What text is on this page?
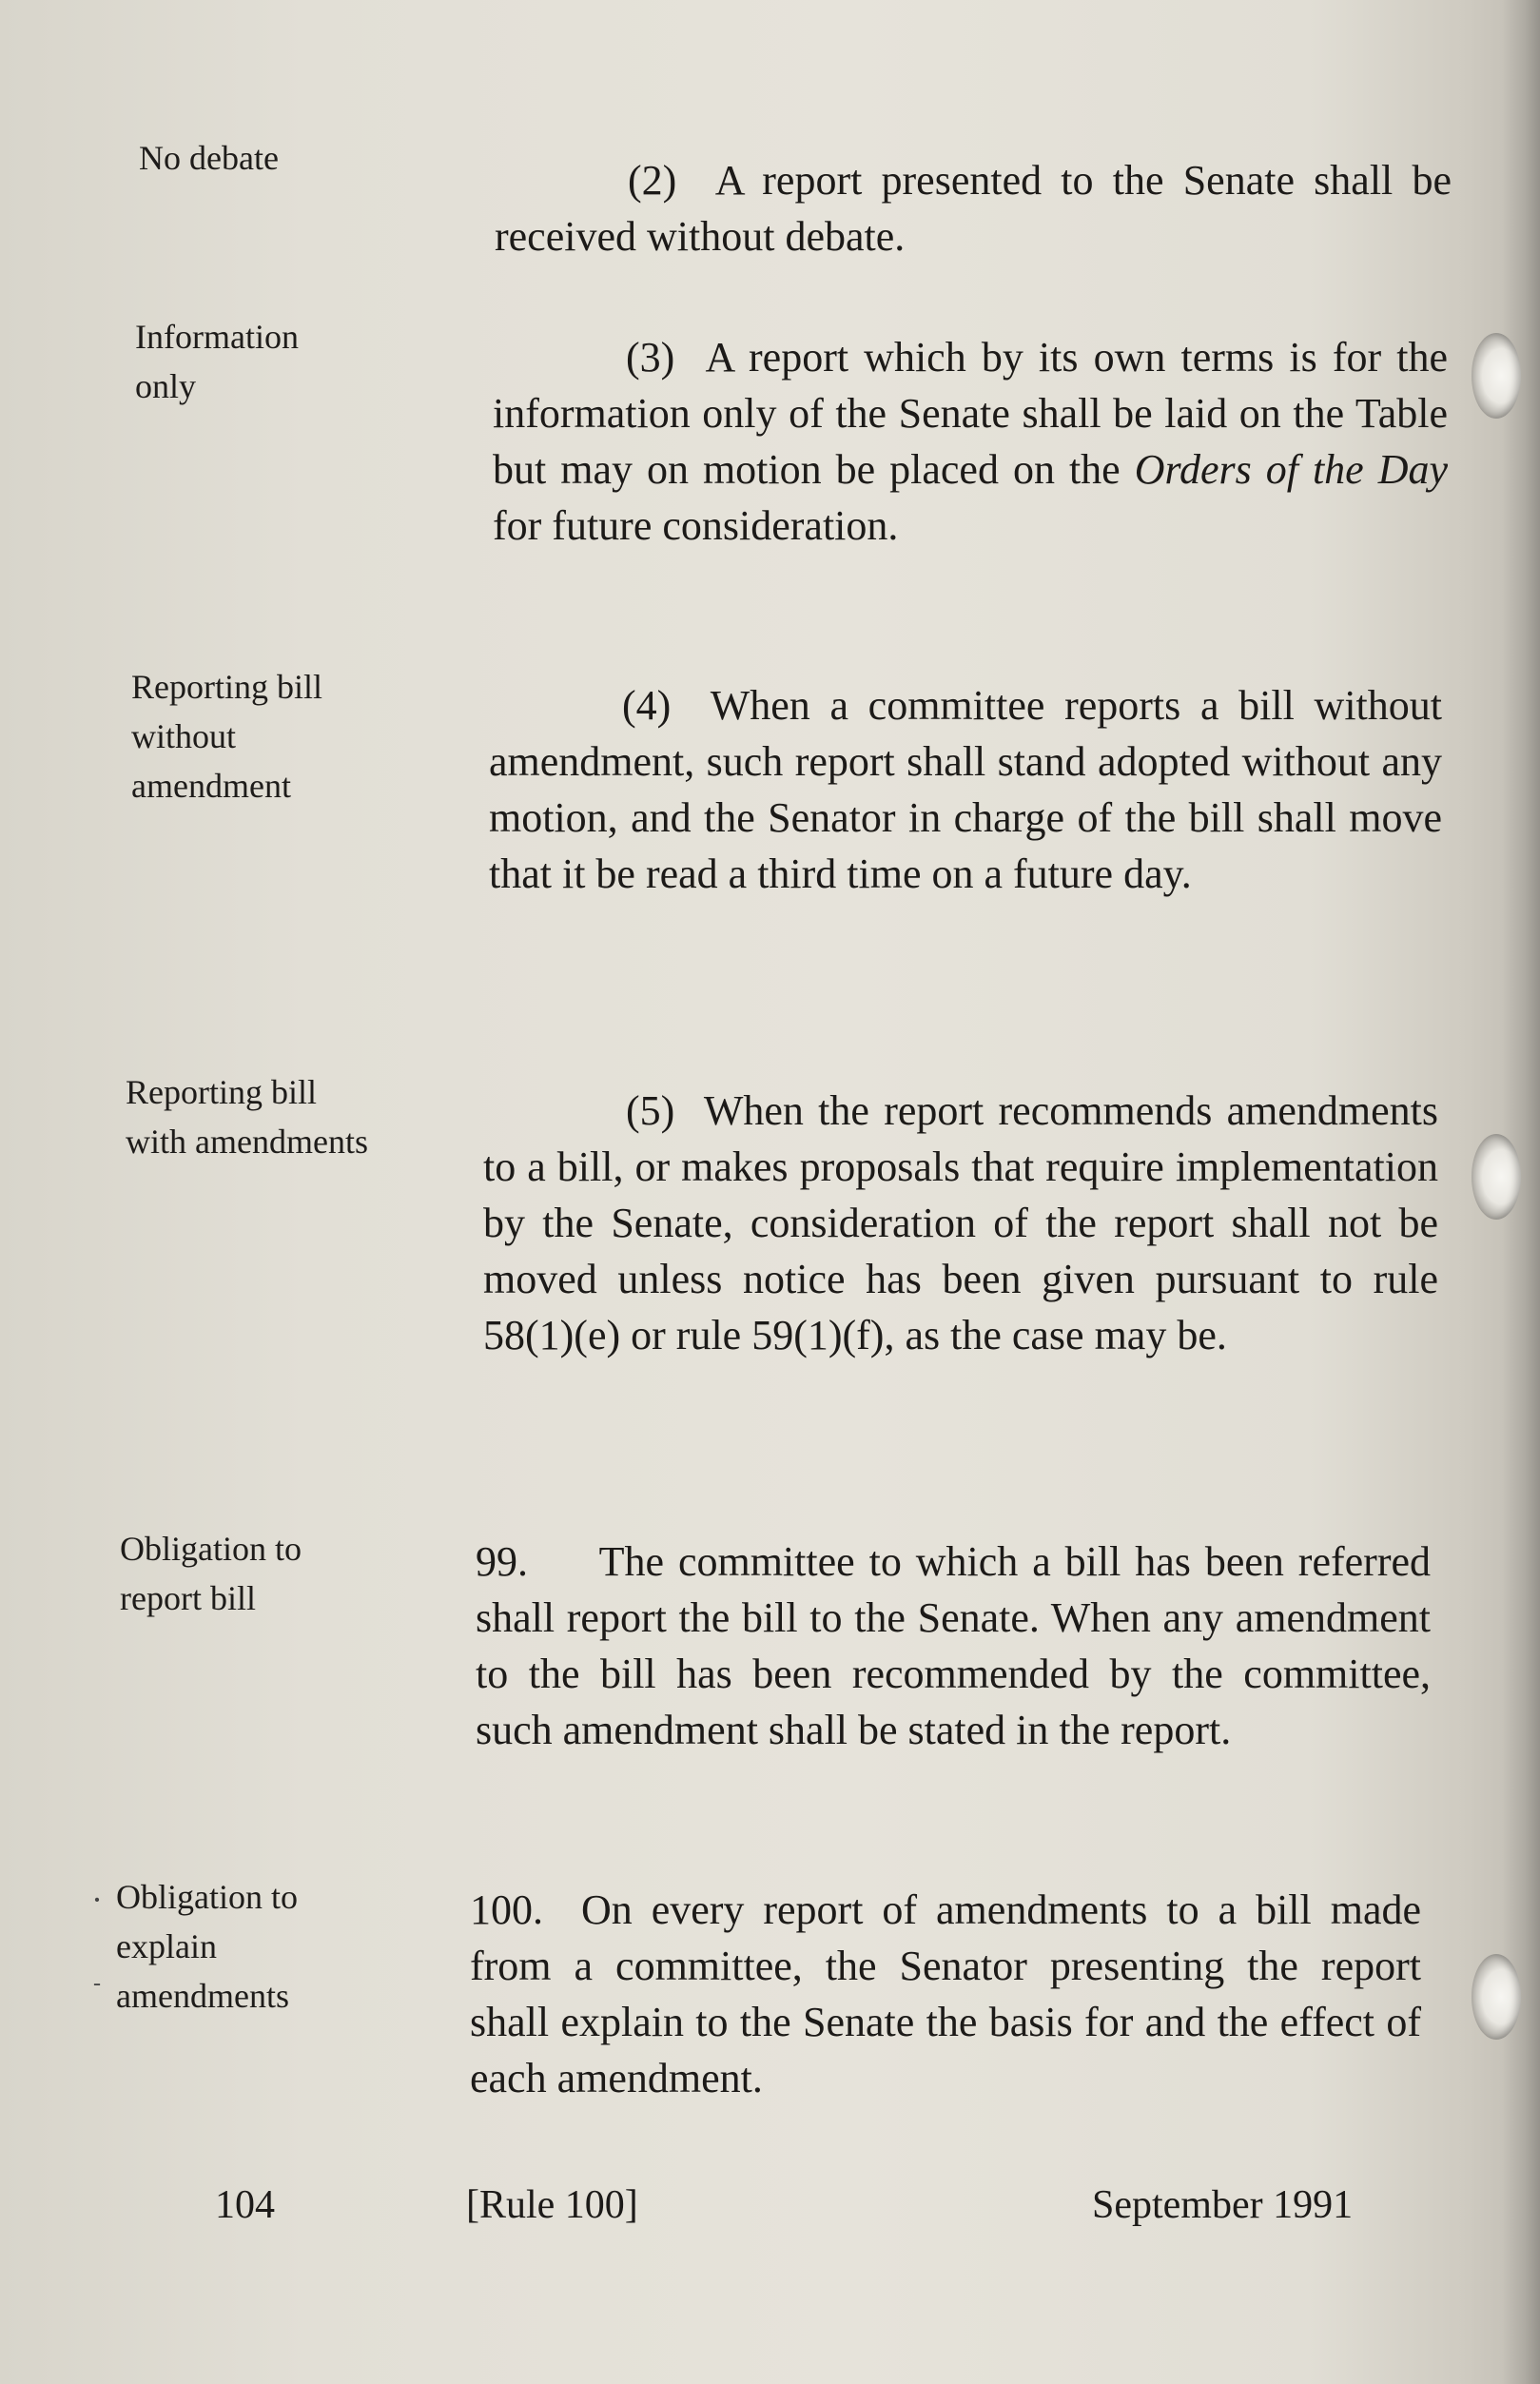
No debate
Information only
Reporting bill without amendment
Reporting bill with amendments
Obligation to report bill
Obligation to explain amendments
·
-
(2) A report presented to the Senate shall be received without debate.
(3) A report which by its own terms is for the information only of the Senate shall be laid on the Table but may on motion be placed on the Orders of the Day for future consideration.
(4) When a committee reports a bill without amendment, such report shall stand adopted without any motion, and the Senator in charge of the bill shall move that it be read a third time on a future day.
(5) When the report recommends amendments to a bill, or makes proposals that require implementation by the Senate, consideration of the report shall not be moved unless notice has been given pursuant to rule 58(1)(e) or rule 59(1)(f), as the case may be.
99. The committee to which a bill has been referred shall report the bill to the Senate. When any amendment to the bill has been recommended by the committee, such amendment shall be stated in the report.
100. On every report of amendments to a bill made from a committee, the Senator presenting the report shall explain to the Senate the basis for and the effect of each amendment.
104	[Rule 100]	September 1991
